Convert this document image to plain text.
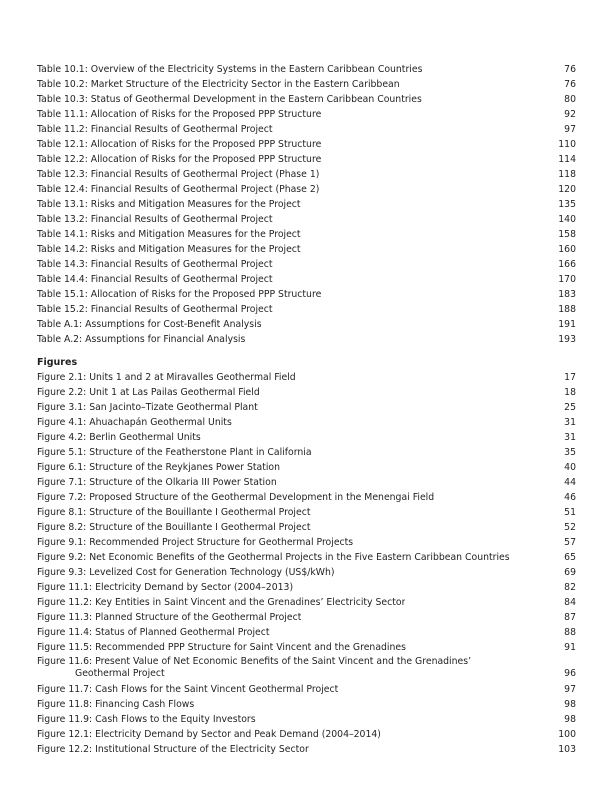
Table 10.1: Overview of the Electricity Systems in the Eastern Caribbean Countries	76
Table 10.2: Market Structure of the Electricity Sector in the Eastern Caribbean	76
Table 10.3: Status of Geothermal Development in the Eastern Caribbean Countries	80
Table 11.1: Allocation of Risks for the Proposed PPP Structure	92
Table 11.2: Financial Results of Geothermal Project	97
Table 12.1: Allocation of Risks for the Proposed PPP Structure	110
Table 12.2: Allocation of Risks for the Proposed PPP Structure	114
Table 12.3: Financial Results of Geothermal Project (Phase 1)	118
Table 12.4: Financial Results of Geothermal Project (Phase 2)	120
Table 13.1: Risks and Mitigation Measures for the Project	135
Table 13.2: Financial Results of Geothermal Project	140
Table 14.1: Risks and Mitigation Measures for the Project	158
Table 14.2: Risks and Mitigation Measures for the Project	160
Table 14.3: Financial Results of Geothermal Project	166
Table 14.4: Financial Results of Geothermal Project	170
Table 15.1: Allocation of Risks for the Proposed PPP Structure	183
Table 15.2: Financial Results of Geothermal Project	188
Table A.1: Assumptions for Cost-Benefit Analysis	191
Table A.2: Assumptions for Financial Analysis	193
Figures
Figure 2.1: Units 1 and 2 at Miravalles Geothermal Field	17
Figure 2.2: Unit 1 at Las Pailas Geothermal Field	18
Figure 3.1: San Jacinto–Tizate Geothermal Plant	25
Figure 4.1: Ahuachapán Geothermal Units	31
Figure 4.2: Berlin Geothermal Units	31
Figure 5.1: Structure of the Featherstone Plant in California	35
Figure 6.1: Structure of the Reykjanes Power Station	40
Figure 7.1: Structure of the Olkaria III Power Station	44
Figure 7.2: Proposed Structure of the Geothermal Development in the Menengai Field	46
Figure 8.1: Structure of the Bouillante I Geothermal Project	51
Figure 8.2: Structure of the Bouillante I Geothermal Project	52
Figure 9.1: Recommended Project Structure for Geothermal Projects	57
Figure 9.2: Net Economic Benefits of the Geothermal Projects in the Five Eastern Caribbean Countries	65
Figure 9.3: Levelized Cost for Generation Technology (US$/kWh)	69
Figure 11.1: Electricity Demand by Sector (2004–2013)	82
Figure 11.2: Key Entities in Saint Vincent and the Grenadines’ Electricity Sector	84
Figure 11.3: Planned Structure of the Geothermal Project	87
Figure 11.4: Status of Planned Geothermal Project	88
Figure 11.5: Recommended PPP Structure for Saint Vincent and the Grenadines	91
Figure 11.6: Present Value of Net Economic Benefits of the Saint Vincent and the Grenadines’
Geothermal Project	96
Figure 11.7: Cash Flows for the Saint Vincent Geothermal Project	97
Figure 11.8: Financing Cash Flows	98
Figure 11.9: Cash Flows to the Equity Investors	98
Figure 12.1: Electricity Demand by Sector and Peak Demand (2004–2014)	100
Figure 12.2: Institutional Structure of the Electricity Sector	103
